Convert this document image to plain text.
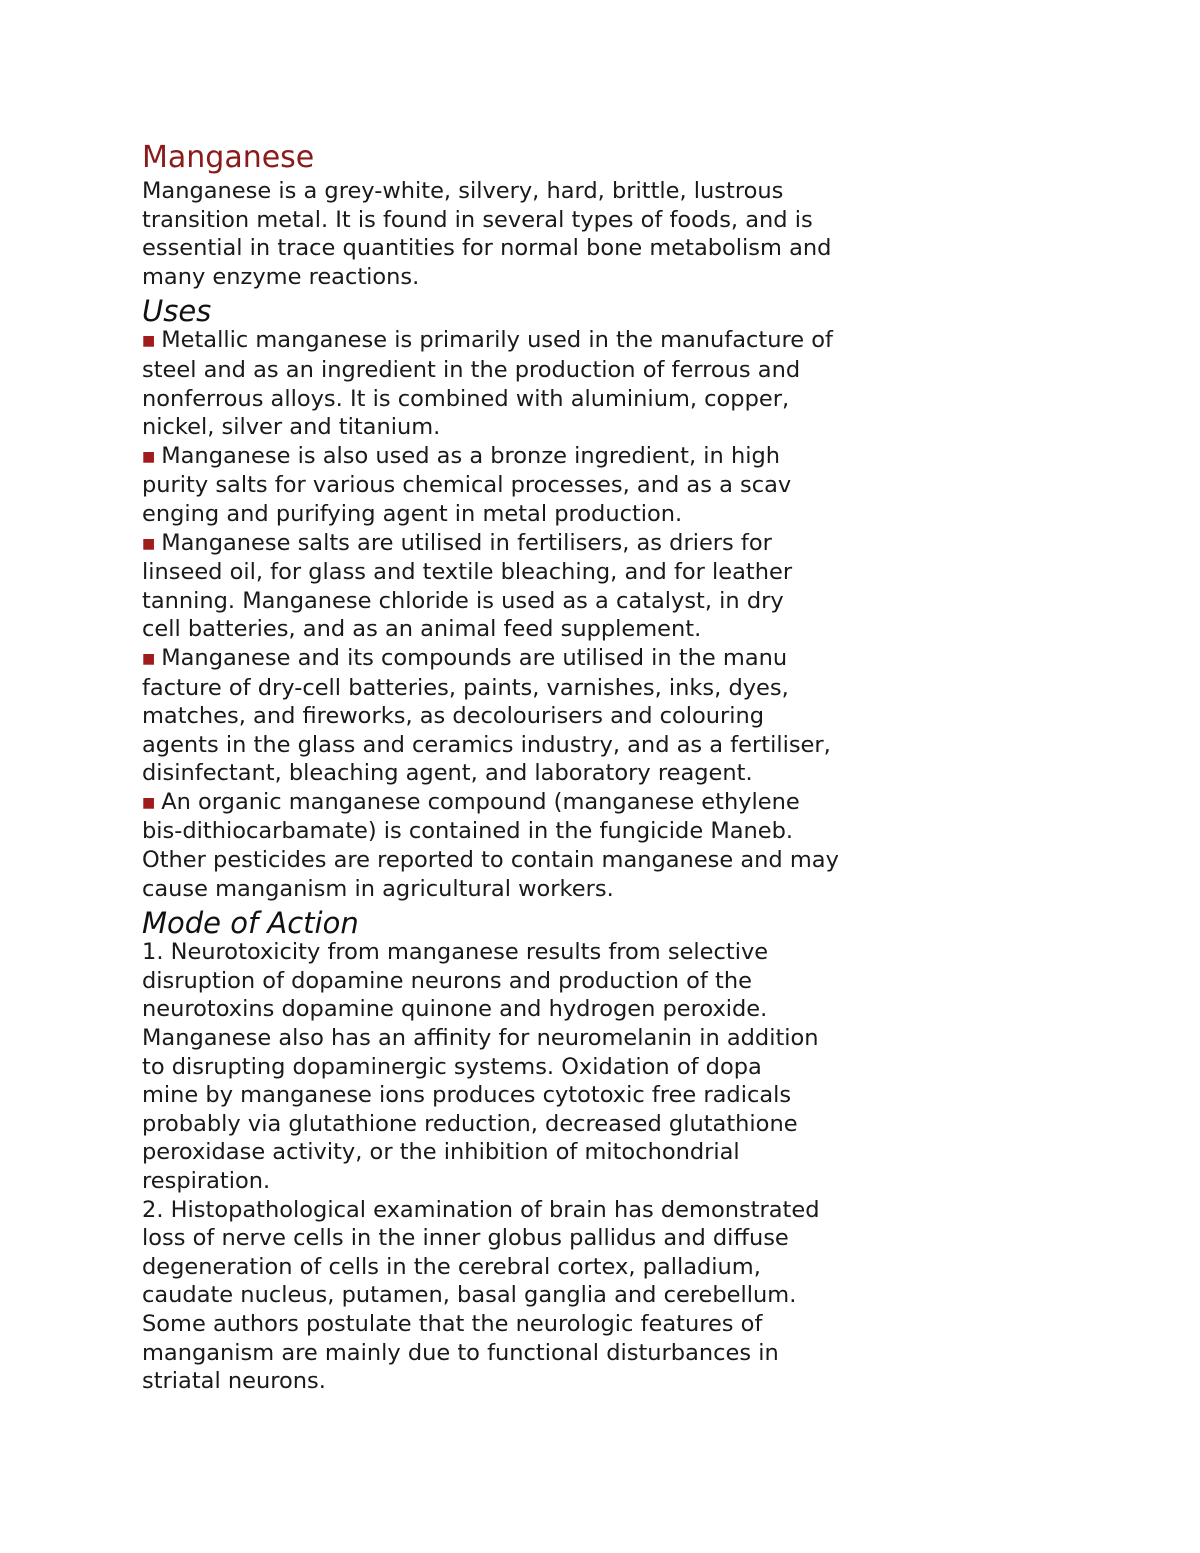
Manganese
Manganese is a grey-white, silvery, hard, brittle, lustrous
transition metal. It is found in several types of foods, and is
essential in trace quantities for normal bone metabolism and
many enzyme reactions.
Uses
■ Metallic manganese is primarily used in the manufacture of
steel and as an ingredient in the production of ferrous and
nonferrous alloys. It is combined with aluminium, copper,
nickel, silver and titanium.
■ Manganese is also used as a bronze ingredient, in high
purity salts for various chemical processes, and as a scav
enging and purifying agent in metal production.
■ Manganese salts are utilised in fertilisers, as driers for
linseed oil, for glass and textile bleaching, and for leather
tanning. Manganese chloride is used as a catalyst, in dry
cell batteries, and as an animal feed supplement.
■ Manganese and its compounds are utilised in the manu
facture of dry-cell batteries, paints, varnishes, inks, dyes,
matches, and fireworks, as decolourisers and colouring
agents in the glass and ceramics industry, and as a fertiliser,
disinfectant, bleaching agent, and laboratory reagent.
■ An organic manganese compound (manganese ethylene
bis-dithiocarbamate) is contained in the fungicide Maneb.
Other pesticides are reported to contain manganese and may
cause manganism in agricultural workers.
Mode of Action
1. Neurotoxicity from manganese results from selective
disruption of dopamine neurons and production of the
neurotoxins dopamine quinone and hydrogen peroxide.
Manganese also has an affinity for neuromelanin in addition
to disrupting dopaminergic systems. Oxidation of dopa
mine by manganese ions produces cytotoxic free radicals
probably via glutathione reduction, decreased glutathione
peroxidase activity, or the inhibition of mitochondrial
respiration.
2. Histopathological examination of brain has demonstrated
loss of nerve cells in the inner globus pallidus and diffuse
degeneration of cells in the cerebral cortex, palladium,
caudate nucleus, putamen, basal ganglia and cerebellum.
Some authors postulate that the neurologic features of
manganism are mainly due to functional disturbances in
striatal neurons.
